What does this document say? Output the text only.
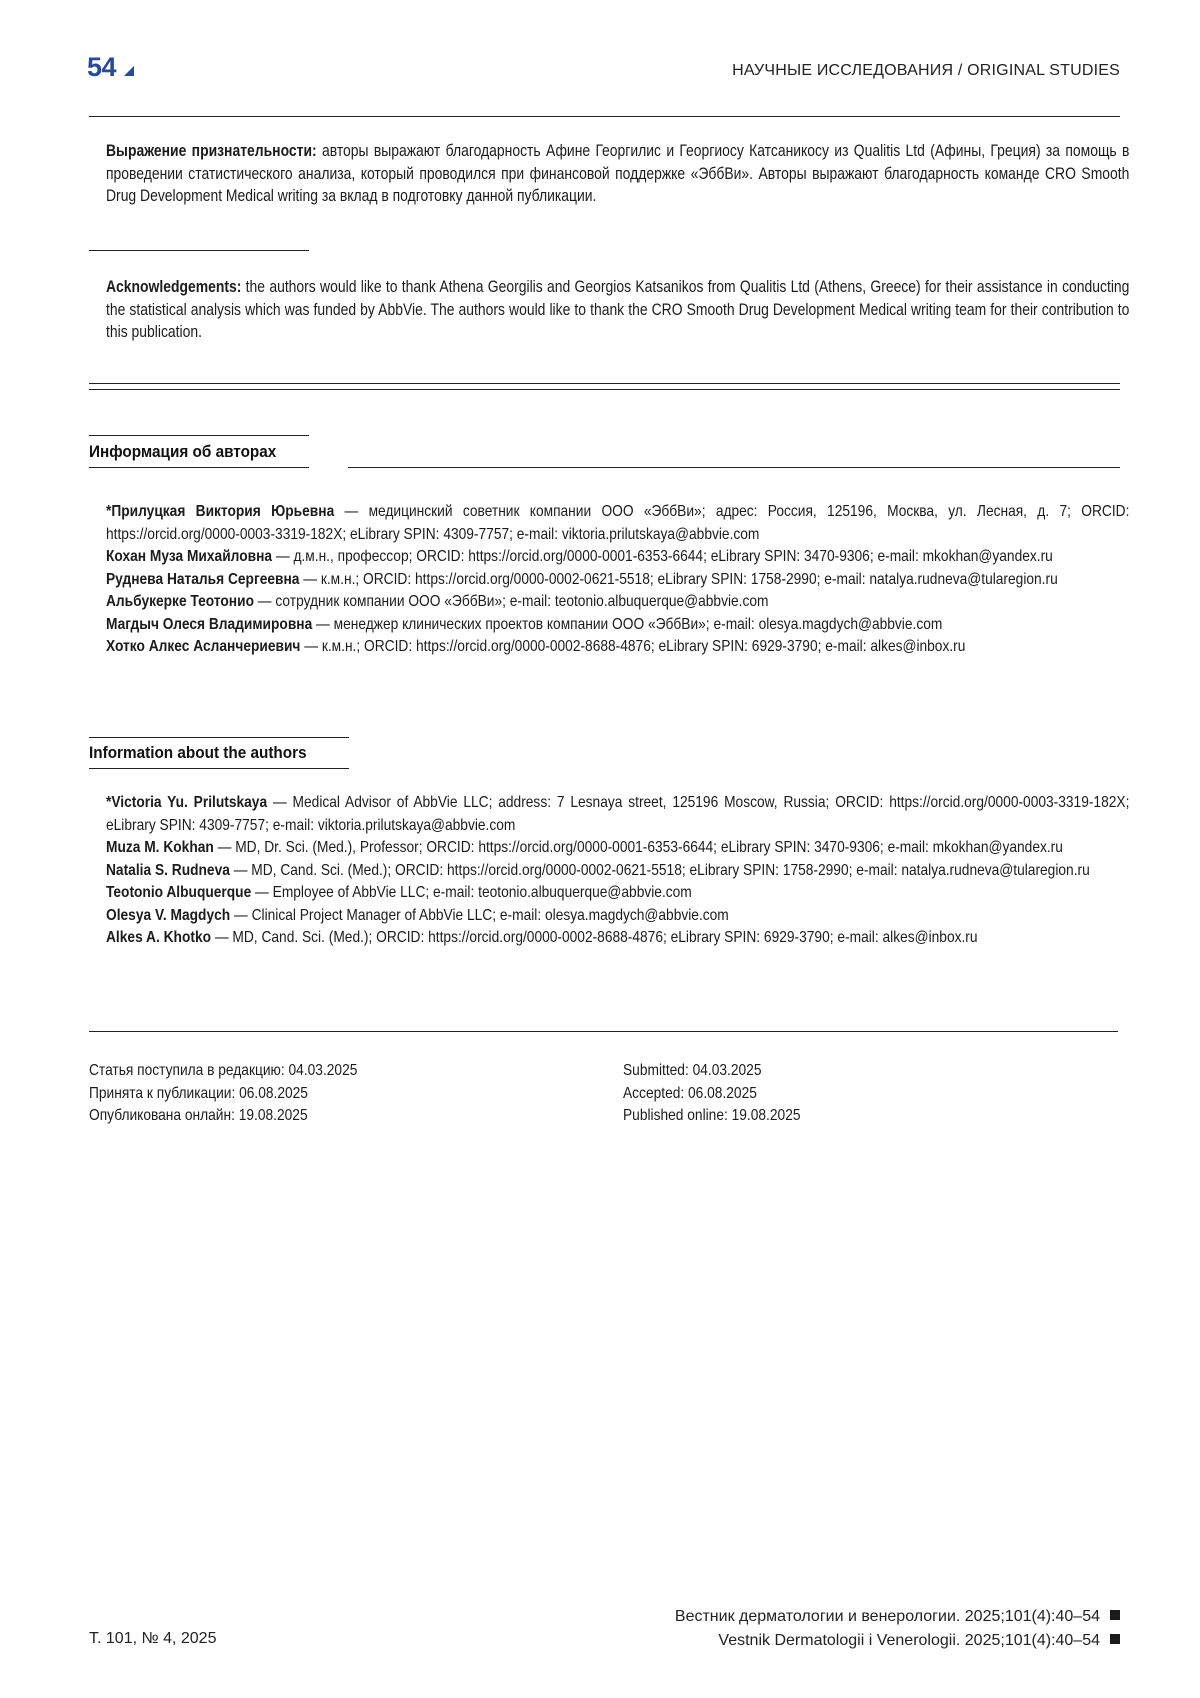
54	НАУЧНЫЕ ИССЛЕДОВАНИЯ / ORIGINAL STUDIES
Выражение признательности: авторы выражают благодарность Афине Георгилис и Георгиосу Катсаникосу из Qualitis Ltd (Афины, Греция) за помощь в проведении статистического анализа, который проводился при финансовой поддержке «ЭббВи». Авторы выражают благодарность команде CRO Smooth Drug Development Medical writing за вклад в подготовку данной публикации.
Acknowledgements: the authors would like to thank Athena Georgilis and Georgios Katsanikos from Qualitis Ltd (Athens, Greece) for their assistance in conducting the statistical analysis which was funded by AbbVie. The authors would like to thank the CRO Smooth Drug Development Medical writing team for their contribution to this publication.
Информация об авторах

*Прилуцкая Виктория Юрьевна — медицинский советник компании ООО «ЭббВи»; адрес: Россия, 125196, Москва, ул. Лесная, д. 7; ORCID: https://orcid.org/0000-0003-3319-182X; eLibrary SPIN: 4309-7757; e-mail: viktoria.prilutskaya@abbvie.com

Кохан Муза Михайловна — д.м.н., профессор; ORCID: https://orcid.org/0000-0001-6353-6644; eLibrary SPIN: 3470-9306; e-mail: mkokhan@yandex.ru

Руднева Наталья Сергеевна — к.м.н.; ORCID: https://orcid.org/0000-0002-0621-5518; eLibrary SPIN: 1758-2990; e-mail: natalya.rudneva@tularegion.ru

Альбукерке Теотонио — сотрудник компании ООО «ЭббВи»; e-mail: teotonio.albuquerque@abbvie.com

Магдыч Олеся Владимировна — менеджер клинических проектов компании ООО «ЭббВи»; e-mail: olesya.magdych@abbvie.com

Хотко Алкес Асланчериевич — к.м.н.; ORCID: https://orcid.org/0000-0002-8688-4876; eLibrary SPIN: 6929-3790; e-mail: alkes@inbox.ru

Information about the authors

*Victoria Yu. Prilutskaya — Medical Advisor of AbbVie LLC; address: 7 Lesnaya street, 125196 Moscow, Russia; ORCID: https://orcid.org/0000-0003-3319-182X; eLibrary SPIN: 4309-7757; e-mail: viktoria.prilutskaya@abbvie.com

Muza M. Kokhan — MD, Dr. Sci. (Med.), Professor; ORCID: https://orcid.org/0000-0001-6353-6644; eLibrary SPIN: 3470-9306; e-mail: mkokhan@yandex.ru

Natalia S. Rudneva — MD, Cand. Sci. (Med.); ORCID: https://orcid.org/0000-0002-0621-5518; eLibrary SPIN: 1758-2990; e-mail: natalya.rudneva@tularegion.ru

Teotonio Albuquerque — Employee of AbbVie LLC; e-mail: teotonio.albuquerque@abbvie.com

Olesya V. Magdych — Clinical Project Manager of AbbVie LLC; e-mail: olesya.magdych@abbvie.com

Alkes A. Khotko — MD, Cand. Sci. (Med.); ORCID: https://orcid.org/0000-0002-8688-4876; eLibrary SPIN: 6929-3790; e-mail: alkes@inbox.ru

Статья поступила в редакцию: 04.03.2025
Принята к публикации: 06.08.2025
Опубликована онлайн: 19.08.2025
Submitted: 04.03.2025
Accepted: 06.08.2025
Published online: 19.08.2025
Т. 101, № 4, 2025
Вестник дерматологии и венерологии. 2025;101(4):40–54
Vestnik Dermatologii i Venerologii. 2025;101(4):40–54
